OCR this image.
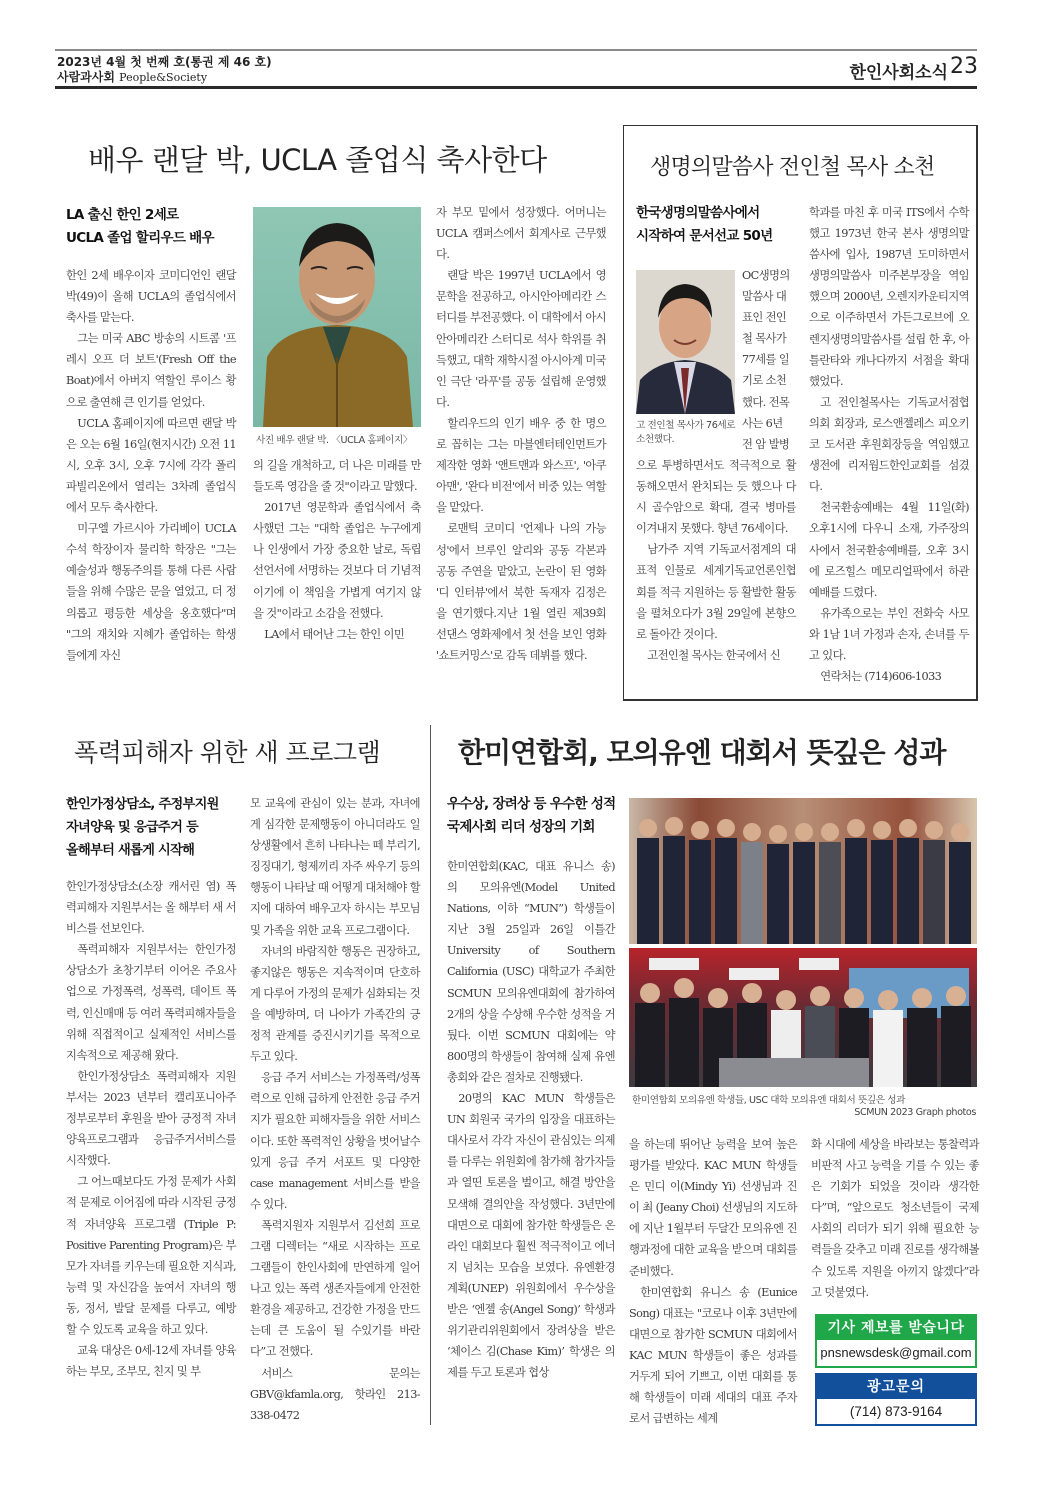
2023년 4월 첫 번째 호(통권 제 46 호)
사람과사회 People&Society	한인사회소식 23
배우 랜달 박, UCLA 졸업식 축사한다
LA 출신 한인 2세로
UCLA 졸업 할리우드 배우

한인 2세 배우이자 코미디언인 랜달 박(49)이 올해 UCLA의 졸업식에서 축사를 맡는다.

그는 미국 ABC 방송의 시트콤 '프레시 오프 더 보트'(Fresh Off the Boat)에서 아버지 역할인 루이스 황으로 출연해 큰 인기를 얻었다.

UCLA 홈페이지에 따르면 랜달 박은 오는 6월 16일(현지시간) 오전 11시, 오후 3시, 오후 7시에 각각 폴리 파빌리온에서 열리는 3차례 졸업식에서 모두 축사한다.

미구엘 가르시아 가리베이 UCLA 수석 학장이자 물리학 학장은 "그는 예술성과 행동주의를 통해 다른 사람들을 위해 수많은 문을 열었고, 더 정의롭고 평등한 세상을 옹호했다"며 "그의 재치와 지혜가 졸업하는 학생들에게 자신

사진 배우 랜달 박. 〈UCLA 홈페이지〉

의 길을 개척하고, 더 나은 미래를 만들도록 영감을 줄 것"이라고 말했다.

2017년 영문학과 졸업식에서 축사했던 그는 "대학 졸업은 누구에게나 인생에서 가장 중요한 날로, 독립선언서에 서명하는 것보다 더 기념적이기에 이 책임을 가볍게 여기지 않을 것"이라고 소감을 전했다.

LA에서 태어난 그는 한인 이민

자 부모 밑에서 성장했다. 어머니는 UCLA 캠퍼스에서 회계사로 근무했다.

랜달 박은 1997년 UCLA에서 영문학을 전공하고, 아시안아메리칸 스터디를 부전공했다. 이 대학에서 아시안아메리칸 스터디로 석사 학위를 취득했고, 대학 재학시절 아시아계 미국인 극단 '라푸'를 공동 설립해 운영했다.

할리우드의 인기 배우 중 한 명으로 꼽히는 그는 마블엔터테인먼트가 제작한 영화 '앤트맨과 와스프', '아쿠아맨', '완다 비전'에서 비중 있는 역할을 맡았다.

로맨틱 코미디 '언제나 나의 가능성'에서 브루인 알리와 공동 각본과 공동 주연을 맡았고, 논란이 된 영화 '디 인터뷰'에서 북한 독재자 김정은을 연기했다.지난 1월 열린 제39회 선댄스 영화제에서 첫 선을 보인 영화 '쇼트커밍스'로 감독 데뷔를 했다.

생명의말씀사 전인철 목사 소천
한국생명의말씀사에서
시작하여 문서선교 50년
고 전인철 목사가 76세로 소천했다.
OC생명의
말씀사 대
표인 전인
철 목사가
77세를 일
기로 소천
했다. 전목
사는 6년
전 암 발병

으로 투병하면서도 적극적으로 활동해오면서 완치되는 듯 했으나 다시 골수암으로 확대, 결국 병마를 이겨내지 못했다. 향년 76세이다.

남가주 지역 기독교서점계의 대표적 인물로 세계기독교언론인협회를 적극 지원하는 등 활발한 활동을 펼쳐오다가 3월 29일에 본향으로 돌아간 것이다.

고전인철 목사는 한국에서 신

학과를 마친 후 미국 ITS에서 수학했고 1973년 한국 본사 생명의말씀사에 입사, 1987년 도미하면서 생명의말씀사 미주본부장을 역임했으며 2000년, 오렌지카운티지역으로 이주하면서 가든그로브에 오렌지생명의말씀사를 설립 한 후, 아틀란타와 캐나다까지 서점을 확대했었다.

고 전인철목사는 기독교서점협의회 회장과, 로스앤젤레스 피오키코 도서관 후원회장등을 역임했고 생전에 리저웜드한인교회를 섬겼다.

천국환송예배는 4월 11일(화) 오후1시에 다우니 소재, 가주장의사에서 천국환송예배를, 오후 3시에 로즈힐스 메모리얼팍에서 하관예배를 드렸다.

유가족으로는 부인 전화숙 사모와 1남 1녀 가정과 손자, 손녀를 두고 있다.

연락처는 (714)606-1033

폭력피해자 위한 새 프로그램
한인가정상담소, 주정부지원
자녀양육 및 응급주거 등
올해부터 새롭게 시작해

한인가정상담소(소장 캐서린 염) 폭력피해자 지원부서는 올 해부터 새 서비스를 선보인다.

폭력피해자 지원부서는 한인가정상담소가 초창기부터 이어온 주요사업으로 가정폭력, 성폭력, 데이트 폭력, 인신매매 등 여러 폭력피해자들을 위해 직접적이고 실제적인 서비스를 지속적으로 제공해 왔다.

한인가정상담소 폭력피해자 지원부서는 2023 년부터 캘리포니아주 정부로부터 후원을 받아 긍정적 자녀양육프로그램과 응급주거서비스를 시작했다.

그 어느때보다도 가정 문제가 사회적 문제로 이어짐에 따라 시작된 긍정적 자녀양육 프로그램 (Triple P: Positive Parenting Program)은 부모가 자녀를 키우는데 필요한 지식과, 능력 및 자신감을 높여서 자녀의 행동, 정서, 발달 문제를 다루고, 예방 할 수 있도록 교육을 하고 있다.

교육 대상은 0세-12세 자녀를 양육하는 부모, 조부모, 친지 및 부

모 교육에 관심이 있는 분과, 자녀에게 심각한 문제행동이 아니더라도 일상생활에서 흔히 나타나는 떼 부리기, 징징대기, 형제끼리 자주 싸우기 등의 행동이 나타날 때 어떻게 대처해야 할지에 대하여 배우고자 하시는 부모님 및 가족을 위한 교육 프로그램이다.

자녀의 바람직한 행동은 권장하고, 좋지않은 행동은 지속적이며 단호하게 다루어 가정의 문제가 심화되는 것을 예방하며, 더 나아가 가족간의 긍정적 관계를 증진시키기를 목적으로 두고 있다.

응급 주거 서비스는 가정폭력/성폭력으로 인해 급하게 안전한 응급 주거지가 필요한 피해자들을 위한 서비스이다. 또한 폭력적인 상황을 벗어날수있게 응급 주거 서포트 및 다양한 case management 서비스를 받을 수 있다.

폭력지원자 지원부서 김선희 프로그램 디렉터는 “새로 시작하는 프로그램들이 한인사회에 만연하게 일어나고 있는 폭력 생존자들에게 안전한 환경을 제공하고, 건강한 가정을 만드는데 큰 도움이 될 수있기를 바란다”고 전했다.

서비스 문의는 GBV@kfamla.org, 핫라인 213-338-0472

한미연합회, 모의유엔 대회서 뜻깊은 성과
우수상, 장려상 등 우수한 성적
국제사회 리더 성장의 기회

한미연합회(KAC, 대표 유니스 송) 의 모의유엔(Model United Nations, 이하 “MUN”) 학생들이 지난 3월 25일과 26일 이틀간 University of Southern California (USC) 대학교가 주최한 SCMUN 모의유엔대회에 참가하여 2개의 상을 수상해 우수한 성적을 거뒀다. 이번 SCMUN 대회에는 약 800명의 학생들이 참여해 실제 유엔총회와 같은 절차로 진행됐다.

20명의 KAC MUN 학생들은 UN 회원국 국가의 입장을 대표하는 대사로서 각각 자신이 관심있는 의제를 다루는 위원회에 참가해 참가자들과 열띤 토론을 벌이고, 해결 방안을 모색해 결의안을 작성했다. 3년만에 대면으로 대회에 참가한 학생들은 온라인 대회보다 훨씬 적극적이고 에너지 넘치는 모습을 보였다. 유엔환경계획(UNEP) 위원회에서 우수상을 받은 ‘엔젤 송(Angel Song)’ 학생과 위기관리위원회에서 장려상을 받은 ‘체이스 김(Chase Kim)’ 학생은 의제를 두고 토론과 협상

한미연합회 모의유엔 학생들, USC 대학 모의유엔 대회서 뜻깊은 성과
SCMUN 2023 Graph photos

을 하는데 뛰어난 능력을 보여 높은 평가를 받았다. KAC MUN 학생들은 민디 이(Mindy Yi) 선생님과 진이 최 (Jeany Choi) 선생님의 지도하에 지난 1월부터 두달간 모의유엔 진행과정에 대한 교육을 받으며 대회를 준비했다.

한미연합회 유니스 송 (Eunice Song) 대표는 "코로나 이후 3년만에 대면으로 참가한 SCMUN 대회에서 KAC MUN 학생들이 좋은 성과를 거두게 되어 기쁘고, 이번 대회를 통해 학생들이 미래 세대의 대표 주자로서 급변하는 세계

화 시대에 세상을 바라보는 통찰력과 비판적 사고 능력을 기를 수 있는 좋은 기회가 되었을 것이라 생각한다”며, “앞으로도 청소년들이 국제 사회의 리더가 되기 위해 필요한 능력들을 갖추고 미래 진로를 생각해볼 수 있도록 지원을 아끼지 않겠다”라고 덧붙였다.

기사 제보를 받습니다
pnsnewsdesk@gmail.com
광고문의
(714) 873-9164
